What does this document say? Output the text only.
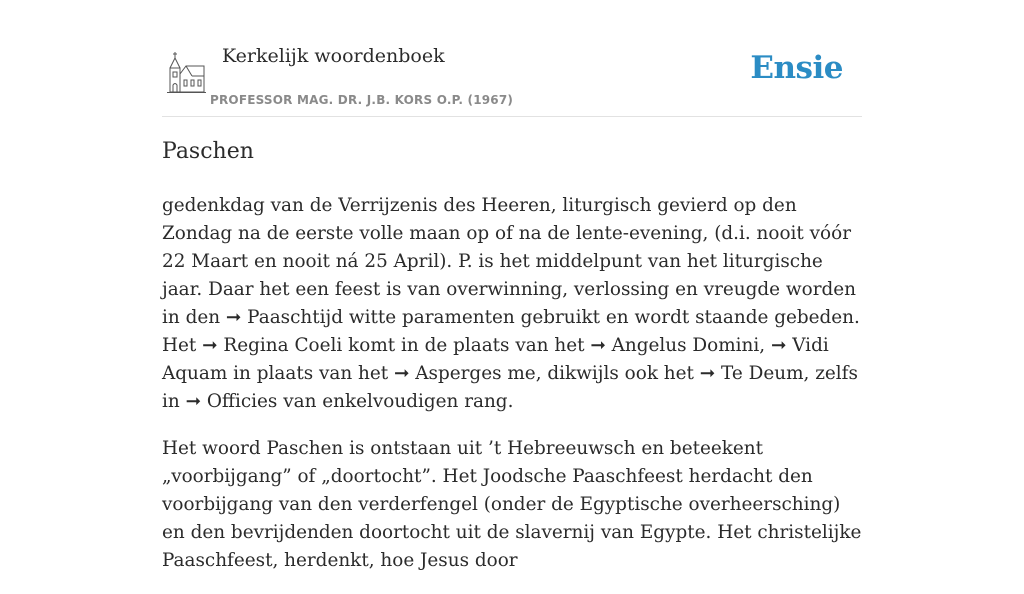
Kerkelijk woordenboek
PROFESSOR MAG. DR. J.B. KORS O.P. (1967)
Ensie
Paschen

gedenkdag van de Verrijzenis des Heeren, liturgisch gevierd op den Zondag na de eerste volle maan op of na de lente-evening, (d.i. nooit vóór 22 Maart en nooit ná 25 April). P. is het middelpunt van het liturgische jaar. Daar het een feest is van overwinning, verlossing en vreugde worden in den ➞ Paaschtijd witte paramenten gebruikt en wordt staande gebeden. Het ➞ Regina Coeli komt in de plaats van het ➞ Angelus Domini, ➞ Vidi Aquam in plaats van het ➞ Asperges me, dikwijls ook het ➞ Te Deum, zelfs in ➞ Officies van enkelvoudigen rang.

Het woord Paschen is ontstaan uit ’t Hebreeuwsch en beteekent „voorbijgang” of „doortocht”. Het Joodsche Paaschfeest herdacht den voorbijgang van den verderfengel (onder de Egyptische overheersching) en den bevrijdenden doortocht uit de slavernij van Egypte. Het christelijke Paaschfeest, herdenkt, hoe Jesus door
